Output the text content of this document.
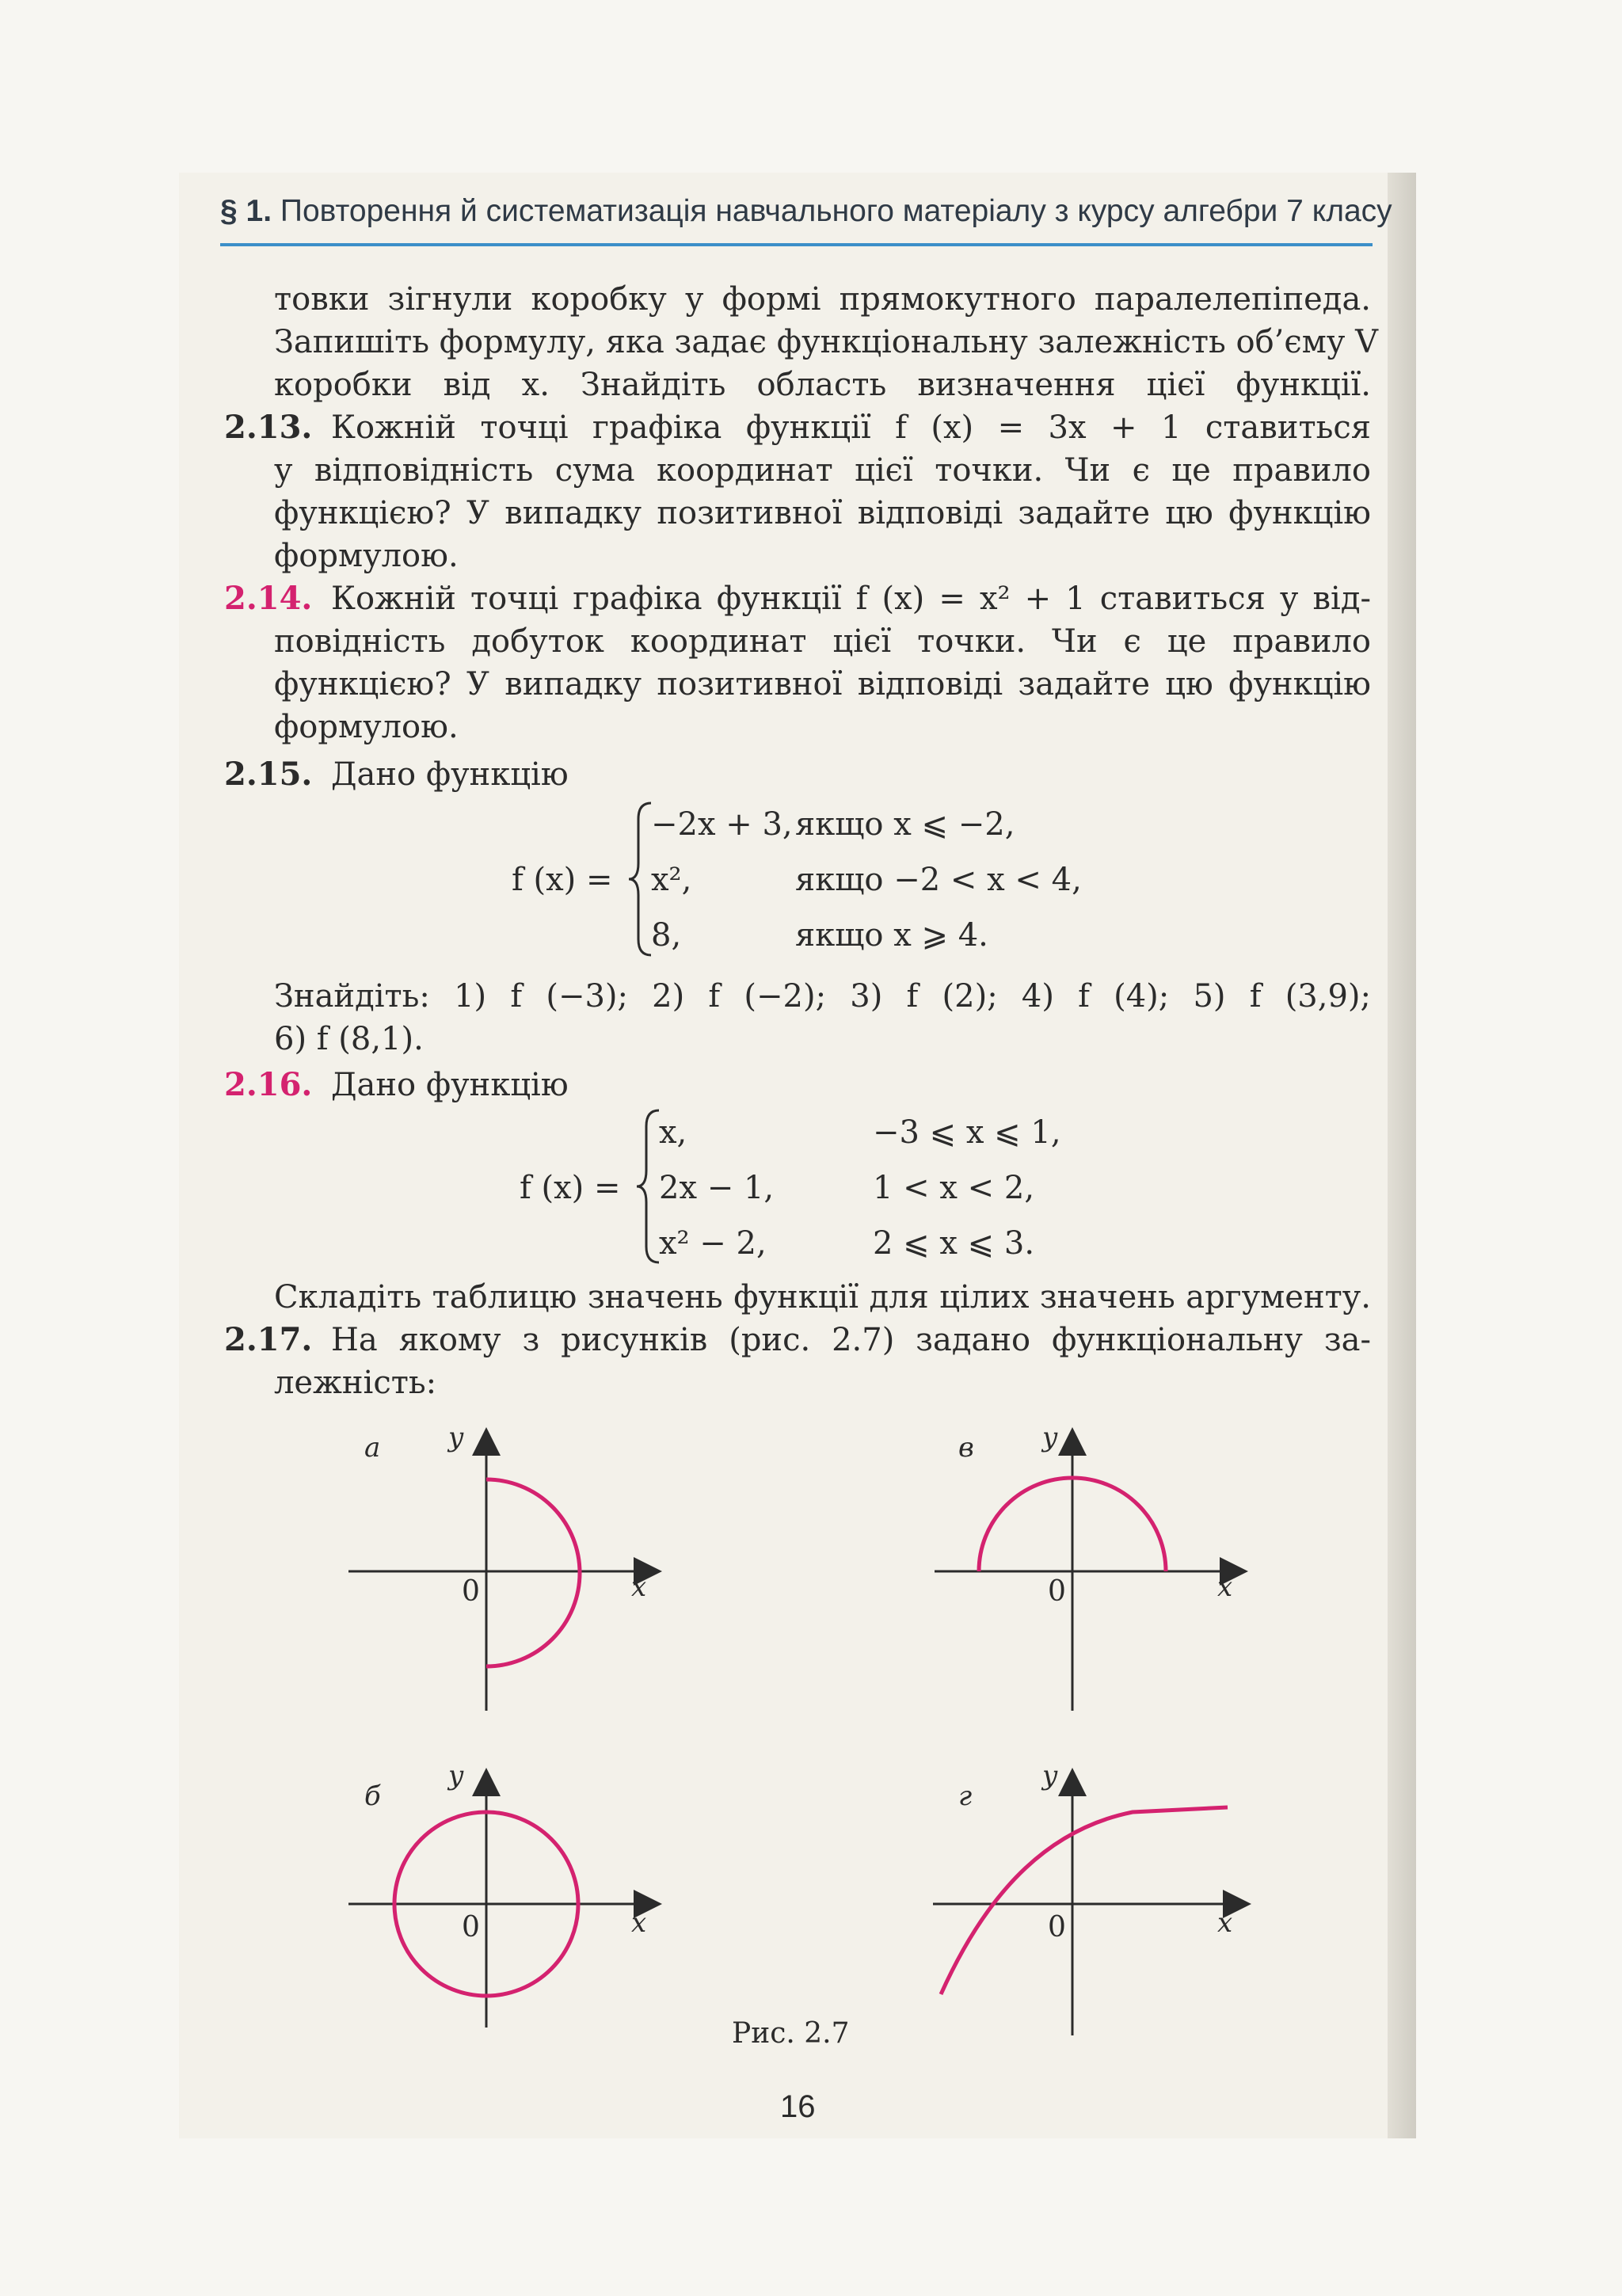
§ 1. Повторення й систематизація навчального матеріалу з курсу алгебри 7 класу
товки зігнули коробку у формі прямокутного паралелепіпеда.
Запишіть формулу, яка задає функціональну залежність об’єму V
коробки від x. Знайдіть область визначення цієї функції.
2.13. Кожній точці графіка функції f (x) = 3x + 1 ставиться
у відповідність сума координат цієї точки. Чи є це правило
функцією? У випадку позитивної відповіді задайте цю функцію
формулою.
2.14. Кожній точці графіка функції f (x) = x² + 1 ставиться у від-
повідність добуток координат цієї точки. Чи є це правило
функцією? У випадку позитивної відповіді задайте цю функцію
формулою.
2.15. Дано функцію
f (x) =
−2x + 3, якщо x ⩽ −2,
x²,	якщо −2 < x < 4,
8,	якщо x ⩾ 4.
Знайдіть: 1) f (−3); 2) f (−2); 3) f (2); 4) f (4); 5) f (3,9);
6) f (8,1).
2.16. Дано функцію
f (x) =
x,	−3 ⩽ x ⩽ 1,
2x − 1,	1 < x < 2,
x² − 2,	2 ⩽ x ⩽ 3.
Складіть таблицю значень функції для цілих значень аргументу.
2.17. На якому з рисунків (рис. 2.7) задано функціональну за-
лежність:
а	y
0	x
в	y
0	x
б
y
0	x
г
y
0	x
Рис. 2.7
16
